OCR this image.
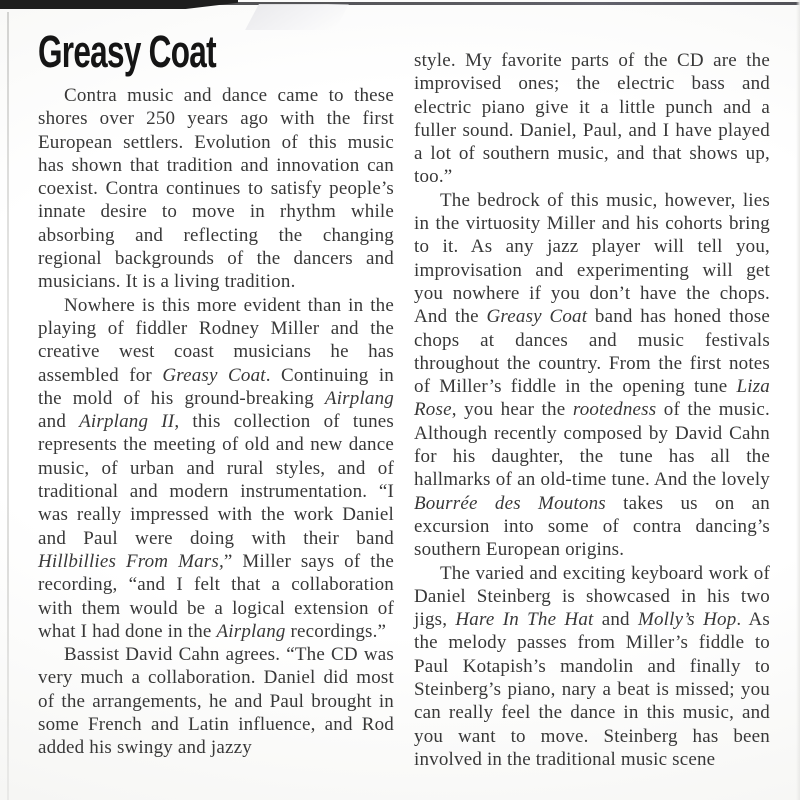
Greasy Coat

Contra music and dance came to these shores over 250 years ago with the first European settlers. Evolution of this music has shown that tradition and innovation can coexist. Contra continues to satisfy people’s innate desire to move in rhythm while absorbing and reflecting the changing regional backgrounds of the dancers and musicians. It is a living tradition.

Nowhere is this more evident than in the playing of fiddler Rodney Miller and the creative west coast musicians he has assembled for Greasy Coat. Continuing in the mold of his ground-breaking Airplang and Airplang II, this collection of tunes represents the meeting of old and new dance music, of urban and rural styles, and of traditional and modern instrumentation. “I was really impressed with the work Daniel and Paul were doing with their band Hillbillies From Mars,” Miller says of the recording, “and I felt that a collaboration with them would be a logical extension of what I had done in the Airplang recordings.”

Bassist David Cahn agrees. “The CD was very much a collaboration. Daniel did most of the arrangements, he and Paul brought in some French and Latin influence, and Rod added his swingy and jazzy

style. My favorite parts of the CD are the improvised ones; the electric bass and electric piano give it a little punch and a fuller sound. Daniel, Paul, and I have played a lot of southern music, and that shows up, too.”

The bedrock of this music, however, lies in the virtuosity Miller and his cohorts bring to it. As any jazz player will tell you, improvisation and experimenting will get you nowhere if you don’t have the chops. And the Greasy Coat band has honed those chops at dances and music festivals throughout the country. From the first notes of Miller’s fiddle in the opening tune Liza Rose, you hear the rootedness of the music. Although recently composed by David Cahn for his daughter, the tune has all the hallmarks of an old-time tune. And the lovely Bourrée des Moutons takes us on an excursion into some of contra dancing’s southern European origins.

The varied and exciting keyboard work of Daniel Steinberg is showcased in his two jigs, Hare In The Hat and Molly’s Hop. As the melody passes from Miller’s fiddle to Paul Kotapish’s mandolin and finally to Steinberg’s piano, nary a beat is missed; you can really feel the dance in this music, and you want to move. Steinberg has been involved in the traditional music scene
